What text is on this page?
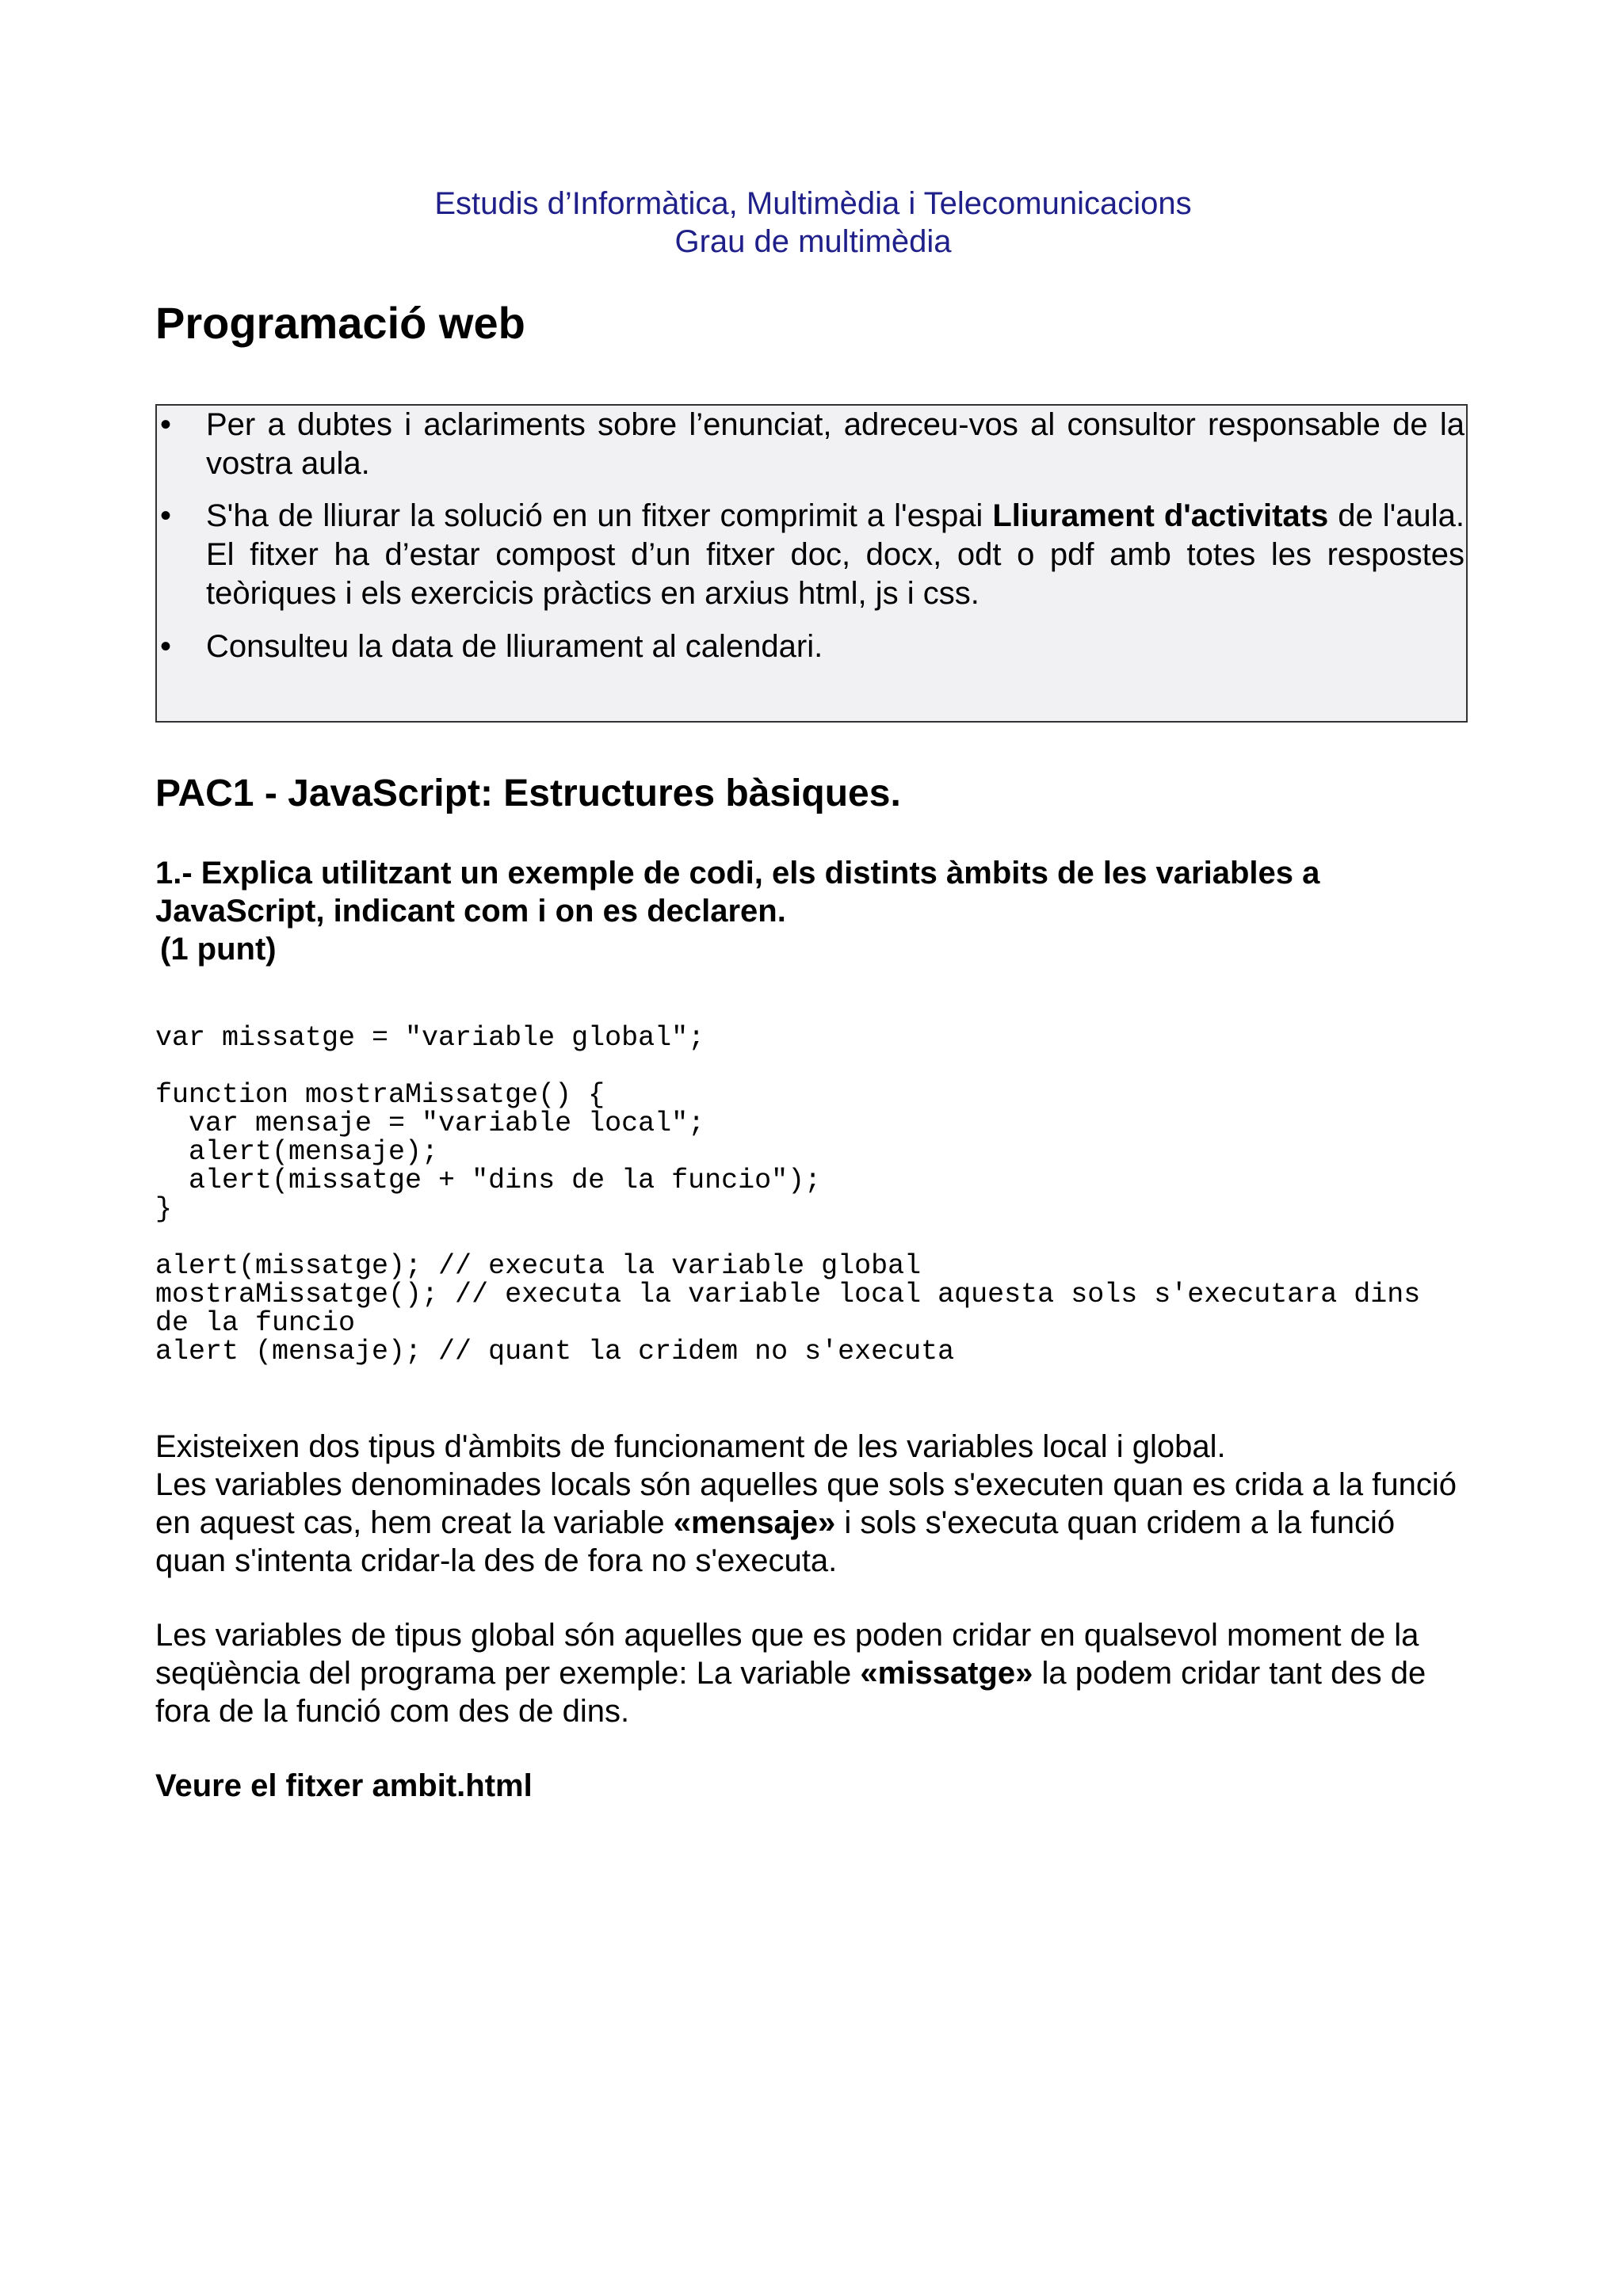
Estudis d’Informàtica, Multimèdia i Telecomunicacions
Grau de multimèdia
Programació web
• Per a dubtes i aclariments sobre l’enunciat, adreceu-vos al consultor responsable de la vostra aula.
• S'ha de lliurar la solució en un fitxer comprimit a l'espai Lliurament d'activitats de l'aula. El fitxer ha d’estar compost d’un fitxer doc, docx, odt o pdf amb totes les respostes teòriques i els exercicis pràctics en arxius html, js i css.
• Consulteu la data de lliurament al calendari.
PAC1 - JavaScript: Estructures bàsiques.

1.- Explica utilitzant un exemple de codi, els distints àmbits de les variables a JavaScript, indicant com i on es declaren.
(1 punt)

var missatge = "variable global";

function mostraMissatge() {
var mensaje = "variable local";
alert(mensaje);
alert(missatge + "dins de la funcio");
}

alert(missatge); // executa la variable global
mostraMissatge(); // executa la variable local aquesta sols s'executara dins
de la funcio
alert (mensaje); // quant la cridem no s'executa

Existeixen dos tipus d'àmbits de funcionament de les variables local i global.
Les variables denominades locals són aquelles que sols s'executen quan es crida a la funció en aquest cas, hem creat la variable «mensaje» i sols s'executa quan cridem a la funció quan s'intenta cridar-la des de fora no s'executa.

Les variables de tipus global són aquelles que es poden cridar en qualsevol moment de la seqüència del programa per exemple: La variable «missatge» la podem cridar tant des de fora de la funció com des de dins.

Veure el fitxer ambit.html
